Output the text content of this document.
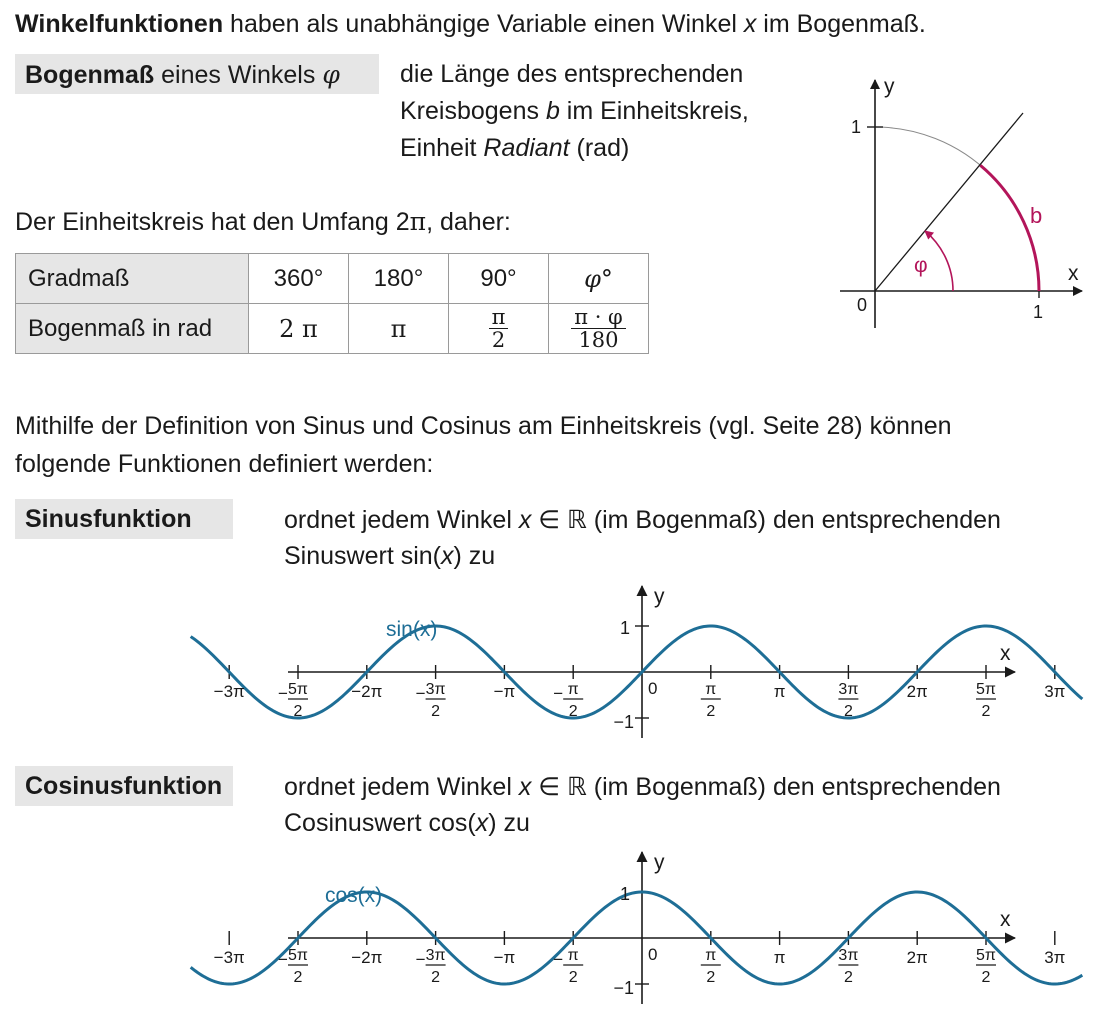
Winkelfunktionen haben als unabhängige Variable einen Winkel x im Bogenmaß.
Bogenmaß eines Winkels φ die Länge des entsprechenden
Kreisbogens b im Einheitskreis,
Einheit Radiant (rad)
Der Einheitskreis hat den Umfang 2π, daher:
Gradmaß	360°	180°	90°	φ°
Bogenmaß in rad	2 π	π	$\frac{\pi}{2}$	$\frac{\pi \cdot \varphi}{180}$
y
x
0	1
1
φ
b
Mithilfe der Definition von Sinus und Cosinus am Einheitskreis (vgl. Seite 28) können
folgende Funktionen definiert werden:
Sinusfunktion	ordnet jedem Winkel x ∈ ℝ (im Bogenmaß) den entsprechenden
Sinuswert sin(x) zu
x
y
1
−1
0
−3π − 5π
2
−2π − 3π
2
−π − π
2
π
2
π	3π
2
2π	5π
2
3π
sin(x)
Cosinusfunktion ordnet jedem Winkel x ∈ ℝ (im Bogenmaß) den entsprechenden
Cosinuswert cos(x) zu
x
y
1
−1
0
−3π − 5π
2
−2π − 3π
2
−π − π
2
π
2
π	3π
2
2π	5π
2
3π
cos(x)
